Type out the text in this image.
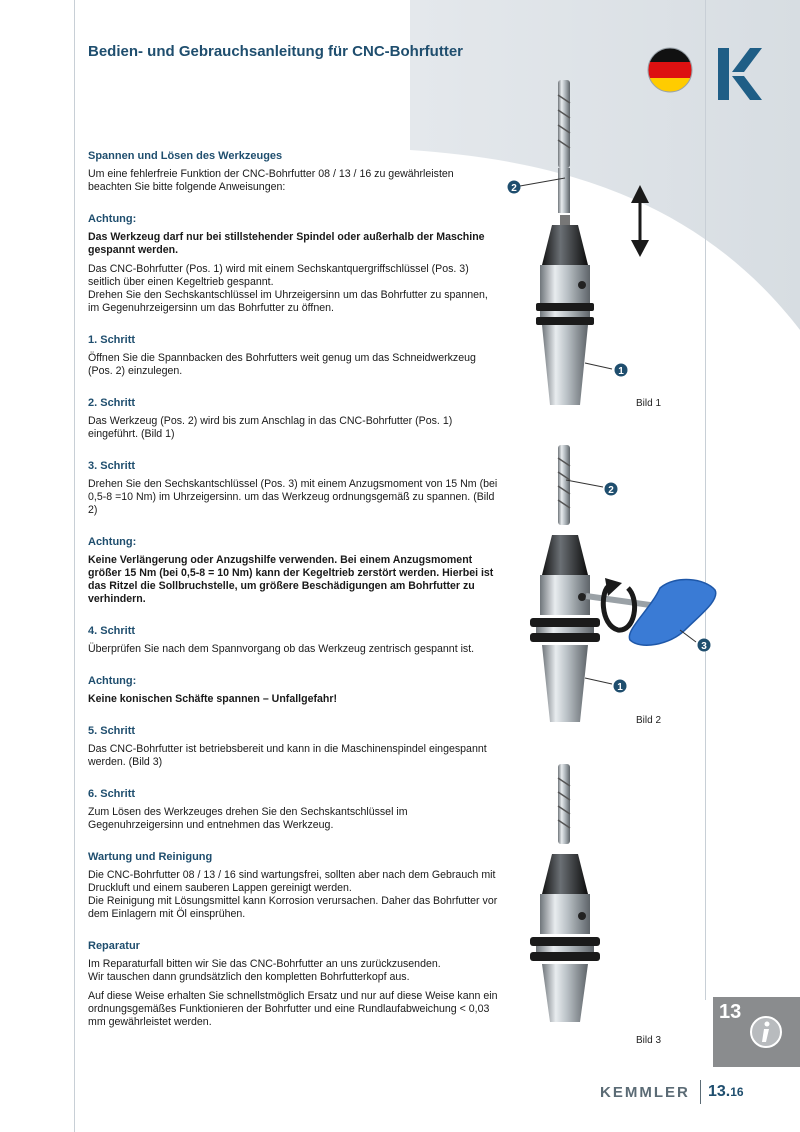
Bedien- und Gebrauchsanleitung für CNC-Bohrfutter
Spannen und Lösen des Werkzeuges

Um eine fehlerfreie Funktion der CNC-Bohrfutter 08 / 13 / 16 zu gewährleisten beachten Sie bitte folgende Anweisungen:

Achtung:

Das Werkzeug darf nur bei stillstehender Spindel oder außerhalb der Maschine gespannt werden.

Das CNC-Bohrfutter (Pos. 1) wird mit einem Sechskantquergriffschlüssel (Pos. 3) seitlich über einen Kegeltrieb gespannt.

Drehen Sie den Sechskantschlüssel im Uhrzeigersinn um das Bohrfutter zu spannen, im Gegenuhrzeigersinn um das Bohrfutter zu öffnen.

1. Schritt

Öffnen Sie die Spannbacken des Bohrfutters weit genug um das Schneidwerkzeug (Pos. 2) einzulegen.

2. Schritt

Das Werkzeug (Pos. 2) wird bis zum Anschlag in das CNC-Bohrfutter (Pos. 1) eingeführt. (Bild 1)

3. Schritt

Drehen Sie den Sechskantschlüssel (Pos. 3) mit einem Anzugsmoment von 15 Nm (bei 0,5-8 =10 Nm) im Uhrzeigersinn. um das Werkzeug ordnungsgemäß zu spannen. (Bild 2)

Achtung:

Keine Verlängerung oder Anzugshilfe verwenden. Bei einem Anzugsmoment größer 15 Nm (bei 0,5-8 = 10 Nm) kann der Kegeltrieb zerstört werden. Hierbei ist das Ritzel die Sollbruchstelle, um größere Beschädigungen am Bohrfutter zu verhindern.

4. Schritt

Überprüfen Sie nach dem Spannvorgang ob das Werkzeug zentrisch gespannt ist.

Achtung:

Keine konischen Schäfte spannen – Unfallgefahr!

5. Schritt

Das CNC-Bohrfutter ist betriebsbereit und kann in die Maschinenspindel eingespannt werden. (Bild 3)

6. Schritt

Zum Lösen des Werkzeuges drehen Sie den Sechskantschlüssel im Gegenuhrzeigersinn und entnehmen das Werkzeug.

Wartung und Reinigung

Die CNC-Bohrfutter 08 / 13 / 16 sind wartungsfrei, sollten aber nach dem Gebrauch mit Druckluft und einem sauberen Lappen gereinigt werden.

Die Reinigung mit Lösungsmittel kann Korrosion verursachen. Daher das Bohrfutter vor dem Einlagern mit Öl einsprühen.

Reparatur

Im Reparaturfall bitten wir Sie das CNC-Bohrfutter an uns zurückzusenden.

Wir tauschen dann grundsätzlich den kompletten Bohrfutterkopf aus.

Auf diese Weise erhalten Sie schnellstmöglich Ersatz und nur auf diese Weise kann ein ordnungsgemäßes Funktionieren der Bohrfutter und eine Rundlaufabweichung < 0,03 mm gewährleistet werden.

2
1
Bild 1
2
3
1
Bild 2
Bild 3
13
KEMMLER 13.16
